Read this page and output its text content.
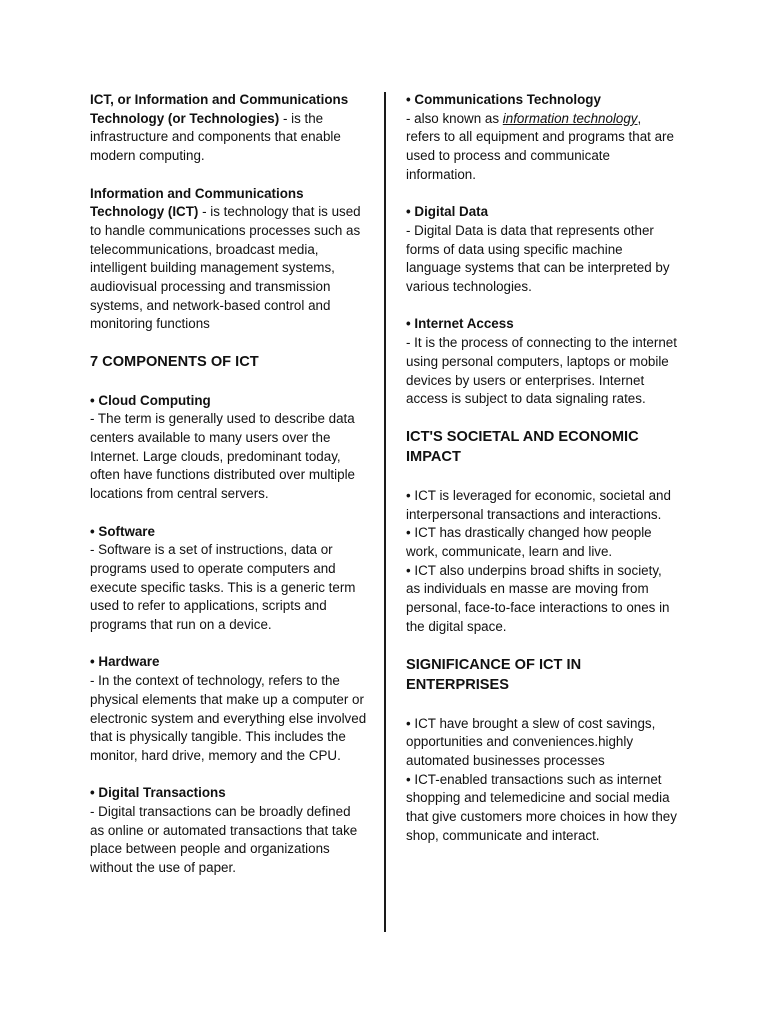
ICT, or Information and Communications Technology (or Technologies) - is the infrastructure and components that enable modern computing.

Information and Communications Technology (ICT) - is technology that is used to handle communications processes such as telecommunications, broadcast media, intelligent building management systems, audiovisual processing and transmission systems, and network-based control and monitoring functions

7 COMPONENTS OF ICT

• Cloud Computing

- The term is generally used to describe data centers available to many users over the Internet. Large clouds, predominant today, often have functions distributed over multiple locations from central servers.

• Software

- Software is a set of instructions, data or programs used to operate computers and execute specific tasks. This is a generic term used to refer to applications, scripts and programs that run on a device.

• Hardware

- In the context of technology, refers to the physical elements that make up a computer or electronic system and everything else involved that is physically tangible. This includes the monitor, hard drive, memory and the CPU.

• Digital Transactions

- Digital transactions can be broadly defined as online or automated transactions that take place between people and organizations without the use of paper.

• Communications Technology

- also known as information technology, refers to all equipment and programs that are used to process and communicate information.

• Digital Data

- Digital Data is data that represents other forms of data using specific machine language systems that can be interpreted by various technologies.

• Internet Access

- It is the process of connecting to the internet using personal computers, laptops or mobile devices by users or enterprises. Internet access is subject to data signaling rates.

ICT'S SOCIETAL AND ECONOMIC IMPACT

• ICT is leveraged for economic, societal and interpersonal transactions and interactions.

• ICT has drastically changed how people work, communicate, learn and live.

• ICT also underpins broad shifts in society, as individuals en masse are moving from personal, face-to-face interactions to ones in the digital space.

SIGNIFICANCE OF ICT IN ENTERPRISES

• ICT have brought a slew of cost savings, opportunities and conveniences.highly automated businesses processes

• ICT-enabled transactions such as internet shopping and telemedicine and social media that give customers more choices in how they shop, communicate and interact.
